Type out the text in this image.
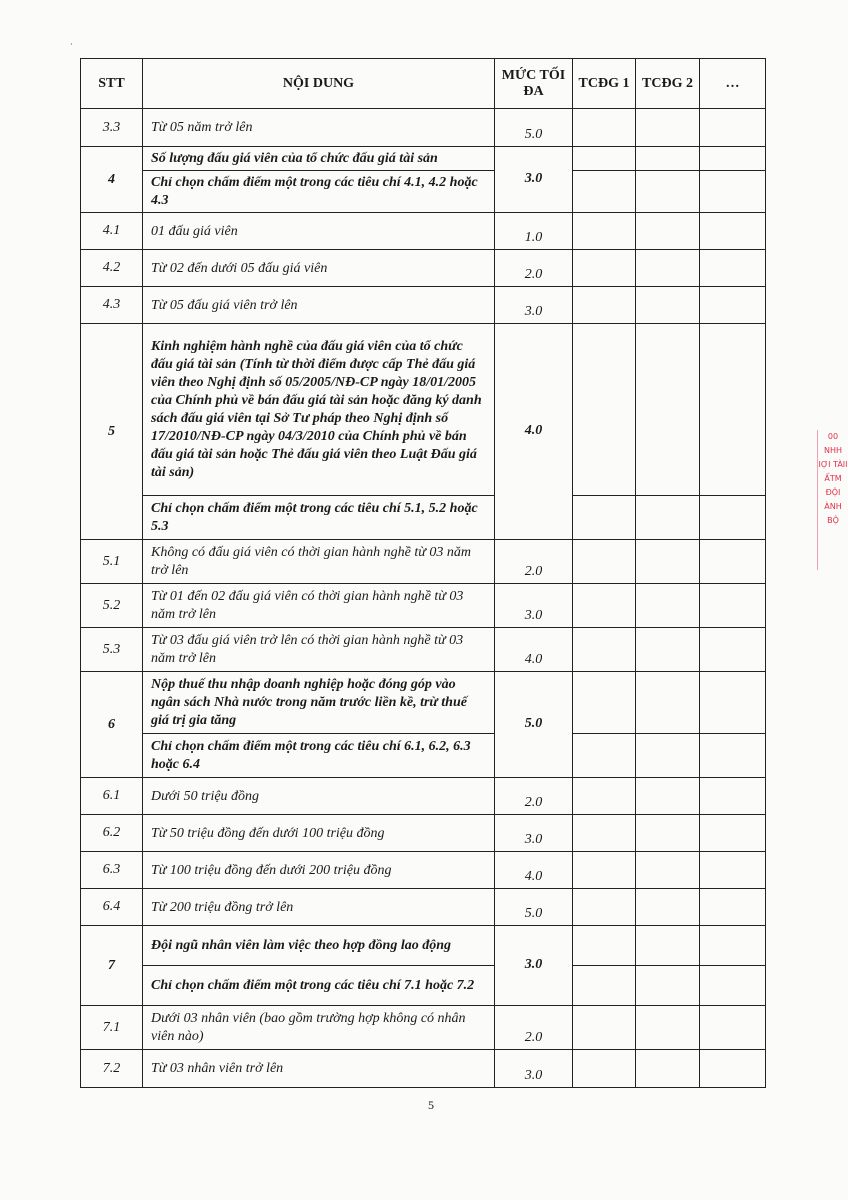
·
STT	NỘI DUNG	MỨC TỐI ĐA	TCĐG 1	TCĐG 2	…
3.3	Từ 05 năm trở lên	5.0			
4	Số lượng đấu giá viên của tổ chức đấu giá tài sản	3.0			
	Chỉ chọn chấm điểm một trong các tiêu chí 4.1, 4.2 hoặc 4.3				
4.1	01 đấu giá viên	1.0			
4.2	Từ 02 đến dưới 05 đấu giá viên	2.0			
4.3	Từ 05 đấu giá viên trở lên	3.0			
5	Kinh nghiệm hành nghề của đấu giá viên của tổ chức đấu giá tài sản (Tính từ thời điểm được cấp Thẻ đấu giá viên theo Nghị định số 05/2005/NĐ-CP ngày 18/01/2005 của Chính phủ về bán đấu giá tài sản hoặc đăng ký danh sách đấu giá viên tại Sở Tư pháp theo Nghị định số 17/2010/NĐ-CP ngày 04/3/2010 của Chính phủ về bán đấu giá tài sản hoặc Thẻ đấu giá viên theo Luật Đấu giá tài sản)	4.0			
	Chỉ chọn chấm điểm một trong các tiêu chí 5.1, 5.2 hoặc 5.3				
5.1	Không có đấu giá viên có thời gian hành nghề từ 03 năm trở lên	2.0			
5.2	Từ 01 đến 02 đấu giá viên có thời gian hành nghề từ 03 năm trở lên	3.0			
5.3	Từ 03 đấu giá viên trở lên có thời gian hành nghề từ 03 năm trở lên	4.0			
6	Nộp thuế thu nhập doanh nghiệp hoặc đóng góp vào ngân sách Nhà nước trong năm trước liền kề, trừ thuế giá trị gia tăng	5.0			
	Chỉ chọn chấm điểm một trong các tiêu chí 6.1, 6.2, 6.3 hoặc 6.4				
6.1	Dưới 50 triệu đồng	2.0			
6.2	Từ 50 triệu đồng đến dưới 100 triệu đồng	3.0			
6.3	Từ 100 triệu đồng đến dưới 200 triệu đồng	4.0			
6.4	Từ 200 triệu đồng trở lên	5.0			
7	Đội ngũ nhân viên làm việc theo hợp đồng lao động	3.0			
	Chỉ chọn chấm điểm một trong các tiêu chí 7.1 hoặc 7.2				
7.1	Dưới 03 nhân viên (bao gồm trường hợp không có nhân viên nào)	2.0			
7.2	Từ 03 nhân viên trở lên	3.0			
00 NHH IỢI TÀII ẤTM ĐỘI ÀNH BỘ
5
